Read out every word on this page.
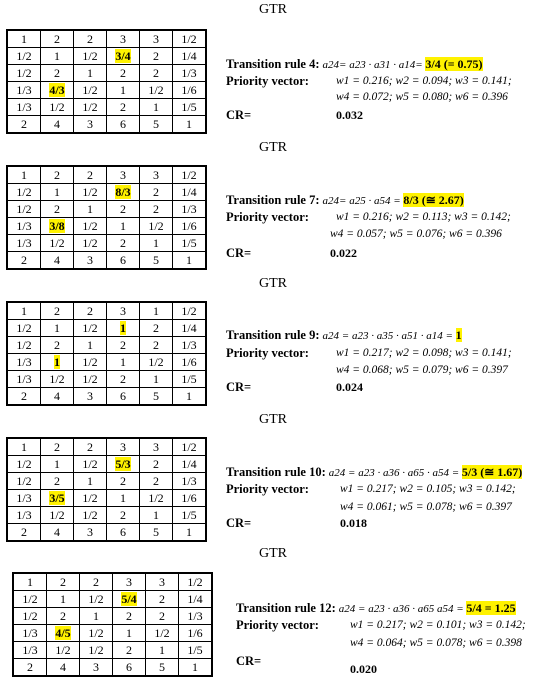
GTR
1	2	2	3	3	1/2
1/2	1	1/2	3/4	2	1/4
1/2	2	1	2	2	1/3
1/3	4/3	1/2	1	1/2	1/6
1/3	1/2	1/2	2	1	1/5
2	4	3	6	5	1
Transition rule 4: a24= a23 · a31 · a14= 3/4 (= 0.75)
Priority vector: w1 = 0.216; w2 = 0.094; w3 = 0.141;
w4 = 0.072; w5 = 0.080; w6 = 0.396
CR=	0.032
GTR
1	2	2	3	3	1/2
1/2	1	1/2	8/3	2	1/4
1/2	2	1	2	2	1/3
1/3	3/8	1/2	1	1/2	1/6
1/3	1/2	1/2	2	1	1/5
2	4	3	6	5	1
Transition rule 7: a24= a25 · a54 = 8/3 (≅ 2.67)
Priority vector: w1 = 0.216; w2 = 0.113; w3 = 0.142;
w4 = 0.057; w5 = 0.076; w6 = 0.396
CR=	0.022
GTR
1	2	2	3	1	1/2
1/2	1	1/2	1	2	1/4
1/2	2	1	2	2	1/3
1/3	1	1/2	1	1/2	1/6
1/3	1/2	1/2	2	1	1/5
2	4	3	6	5	1
Transition rule 9: a24 = a23 · a35 · a51 · a14 = 1
Priority vector: w1 = 0.217; w2 = 0.098; w3 = 0.141;
w4 = 0.068; w5 = 0.079; w6 = 0.397
CR=	0.024
GTR
1	2	2	3	3	1/2
1/2	1	1/2	5/3	2	1/4
1/2	2	1	2	2	1/3
1/3	3/5	1/2	1	1/2	1/6
1/3	1/2	1/2	2	1	1/5
2	4	3	6	5	1
Transition rule 10: a24 = a23 · a36 · a65 · a54 = 5/3 (≅ 1.67)
Priority vector:	w1 = 0.217; w2 = 0.105; w3 = 0.142;
w4 = 0.061; w5 = 0.078; w6 = 0.397
CR=	0.018
GTR
1	2	2	3	3	1/2
1/2	1	1/2	5/4	2	1/4
1/2	2	1	2	2	1/3
1/3	4/5	1/2	1	1/2	1/6
1/3	1/2	1/2	2	1	1/5
2	4	3	6	5	1
Transition rule 12: a24 = a23 · a36 · a65 a54 = 5/4 = 1.25
Priority vector:	w1 = 0.217; w2 = 0.101; w3 = 0.142;
w4 = 0.064; w5 = 0.078; w6 = 0.398
CR=
0.020
